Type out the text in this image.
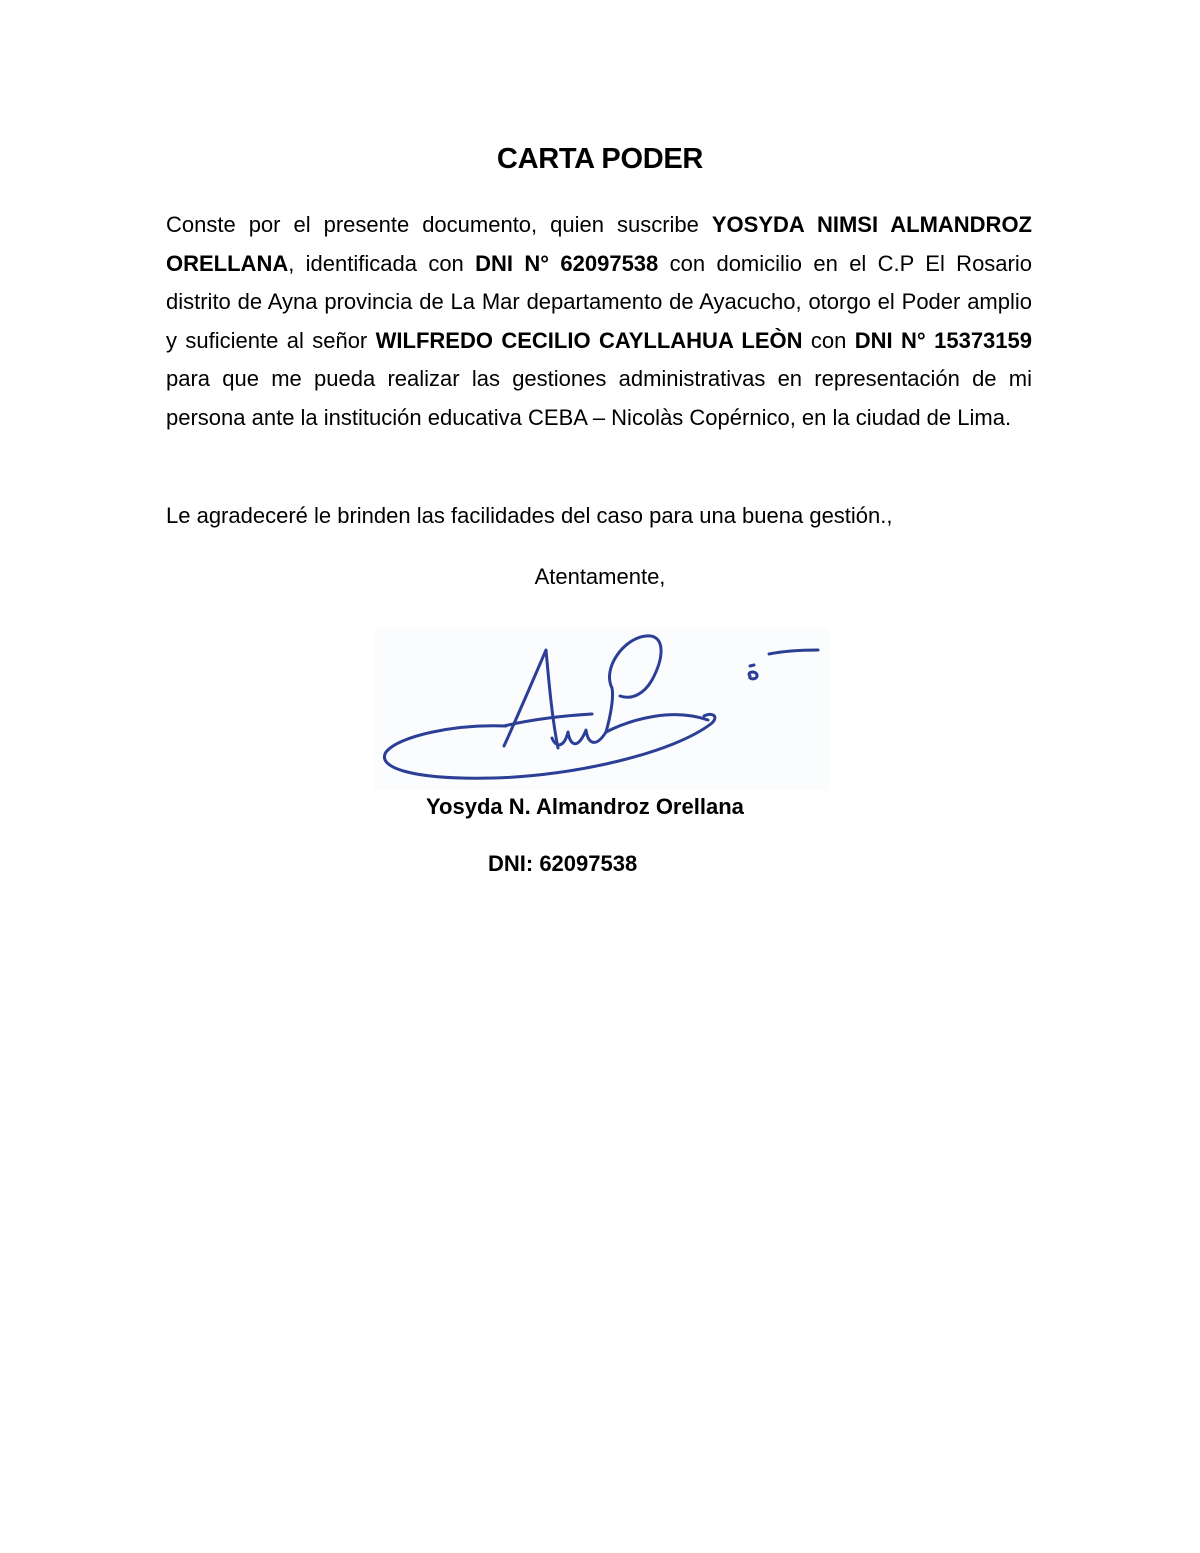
CARTA PODER
Conste por el presente documento, quien suscribe YOSYDA NIMSI ALMANDROZ ORELLANA, identificada con DNI N° 62097538 con domicilio en el C.P El Rosario distrito de Ayna provincia de La Mar departamento de Ayacucho, otorgo el Poder amplio y suficiente al señor WILFREDO CECILIO CAYLLAHUA LEÒN con DNI N° 15373159 para que me pueda realizar las gestiones administrativas en representación de mi persona ante la institución educativa CEBA – Nicolàs Copérnico, en la ciudad de Lima.
Le agradeceré le brinden las facilidades del caso para una buena gestión.,
Atentamente,
Yosyda N. Almandroz Orellana
DNI: 62097538
